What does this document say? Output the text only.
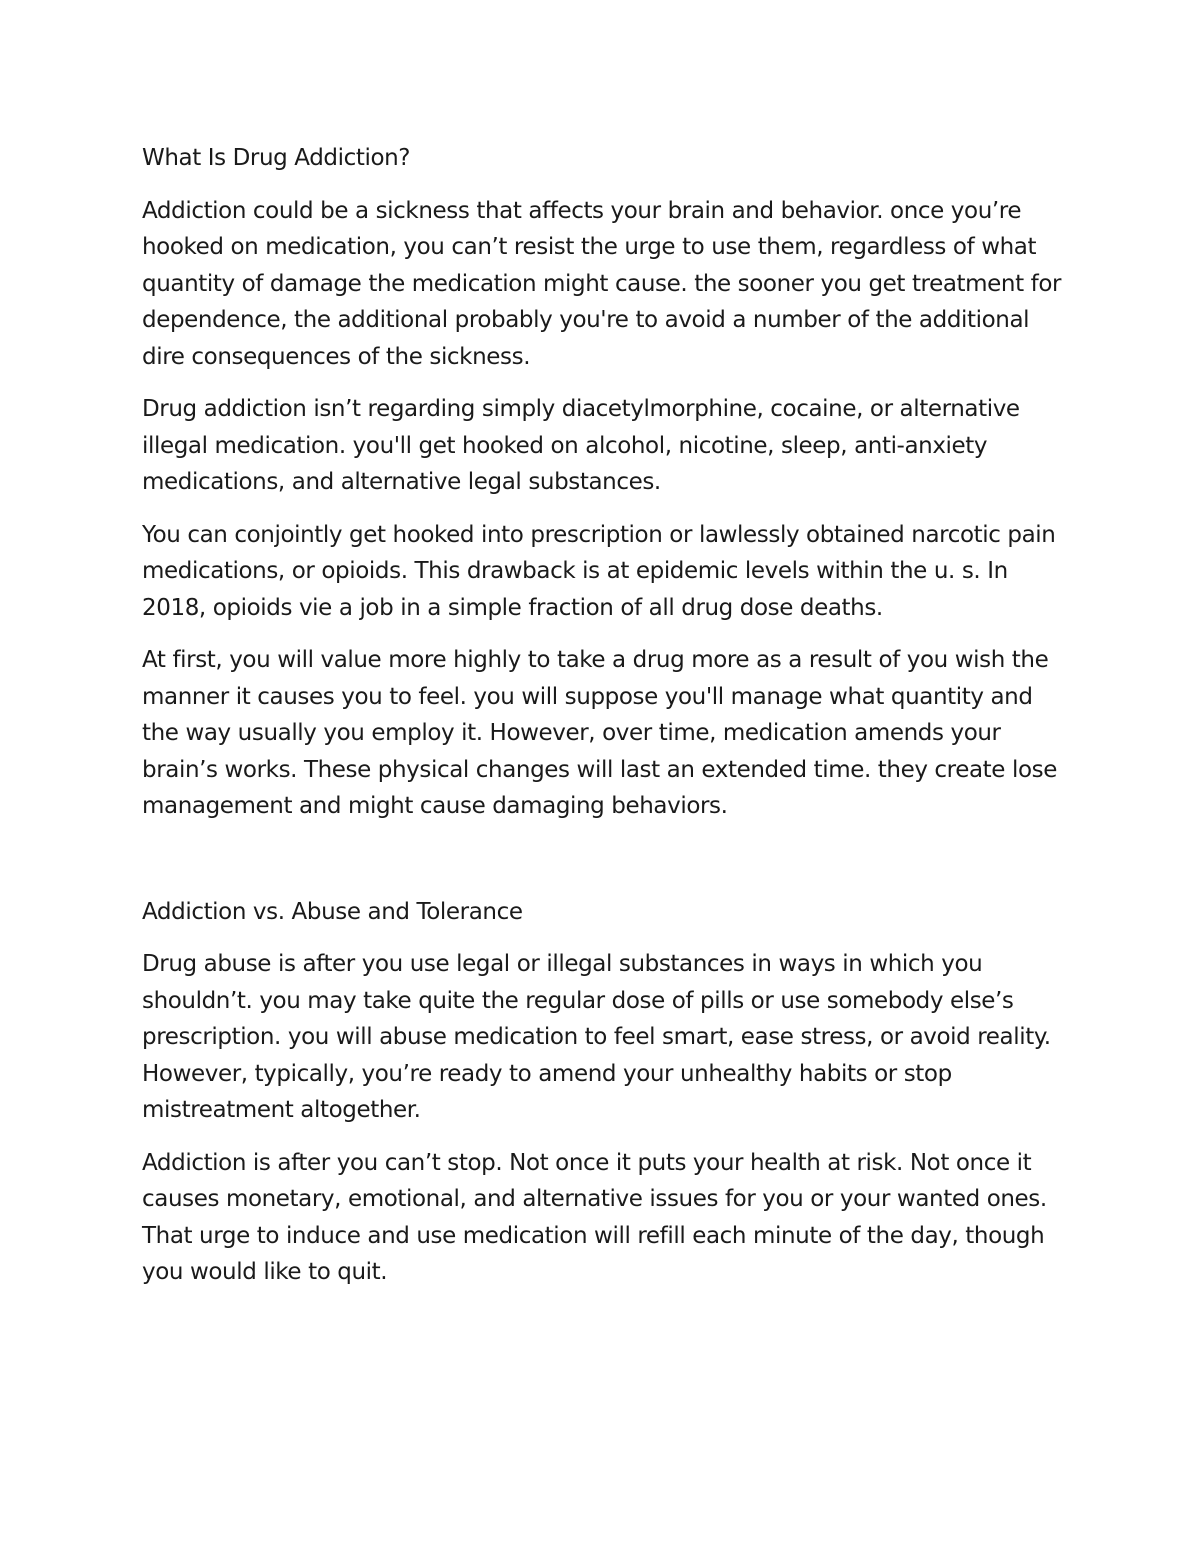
What Is Drug Addiction?

Addiction could be a sickness that affects your brain and behavior. once you’re hooked on medication, you can’t resist the urge to use them, regardless of what quantity of damage the medication might cause. the sooner you get treatment for dependence, the additional probably you're to avoid a number of the additional dire consequences of the sickness.

Drug addiction isn’t regarding simply diacetylmorphine, cocaine, or alternative illegal medication. you'll get hooked on alcohol, nicotine, sleep, anti-anxiety medications, and alternative legal substances.

You can conjointly get hooked into prescription or lawlessly obtained narcotic pain medications, or opioids. This drawback is at epidemic levels within the u. s. In 2018, opioids vie a job in a simple fraction of all drug dose deaths.

At first, you will value more highly to take a drug more as a result of you wish the manner it causes you to feel. you will suppose you'll manage what quantity and the way usually you employ it. However, over time, medication amends your brain’s works. These physical changes will last an extended time. they create lose management and might cause damaging behaviors.

Addiction vs. Abuse and Tolerance

Drug abuse is after you use legal or illegal substances in ways in which you shouldn’t. you may take quite the regular dose of pills or use somebody else’s prescription. you will abuse medication to feel smart, ease stress, or avoid reality. However, typically, you’re ready to amend your unhealthy habits or stop mistreatment altogether.

Addiction is after you can’t stop. Not once it puts your health at risk. Not once it causes monetary, emotional, and alternative issues for you or your wanted ones. That urge to induce and use medication will refill each minute of the day, though you would like to quit.
